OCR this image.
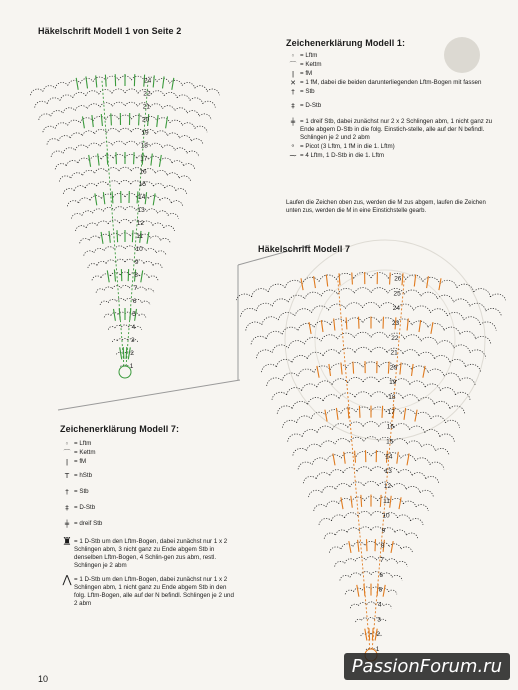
Häkelschrift Modell 1 von Seite 2
24
22
21
20
19
18
17
16
15
14
13
12
11
10
9
8
7
6
5
4
3
2
1
Zeichenerklärung Modell 1:
◦ = Lftm
⌒ = Kettm
ǀ = fM
✕ = 1 fM, dabei die beiden darunterliegenden Lftm-Bogen mit fassen
† = Stb
‡ = D-Stb
╪ = 1 dreif Stb, dabei zunächst nur 2 x 2 Schlingen abm, 1 nicht ganz zu Ende abgem D-Stb in die folg. Einstich-stelle, alle auf der N befindl. Schlingen je 2 und 2 abm
ᵒ = Picot (3 Lftm, 1 fM in die 1. Lftm)
⁓ = 4 Lftm, 1 D-Stb in die 1. Lftm
Laufen die Zeichen oben zus, werden die M zus abgem, laufen die Zeichen unten zus, werden die M in eine Einstichstelle gearb.
Häkelschrift Modell 7
26
25
24
23
22
21
20
19
18
17
16
15
14
13
12
11
10
9
8
7
6
5
4
3
2
1
Zeichenerklärung Modell 7:
◦ = Lftm
⌒ = Kettm
ǀ = fM
T = hStb
† = Stb
‡ = D-Stb
╪ = dreif Stb
♜ = 1 D-Stb um den Lftm-Bogen, dabei zunächst nur 1 x 2 Schlingen abm, 3 nicht ganz zu Ende abgem Stb in denselben Lftm-Bogen, 4 Schlin-gen zus abm, restl. Schlingen je 2 abm
⋀ = 1 D-Stb um den Lftm-Bogen, dabei zunächst nur 1 x 2 Schlingen abm, 1 nicht ganz zu Ende abgem Stb in den folg. Lftm-Bogen, alle auf der N befindl. Schlingen je 2 und 2 abm
10
PassionForum.ru
